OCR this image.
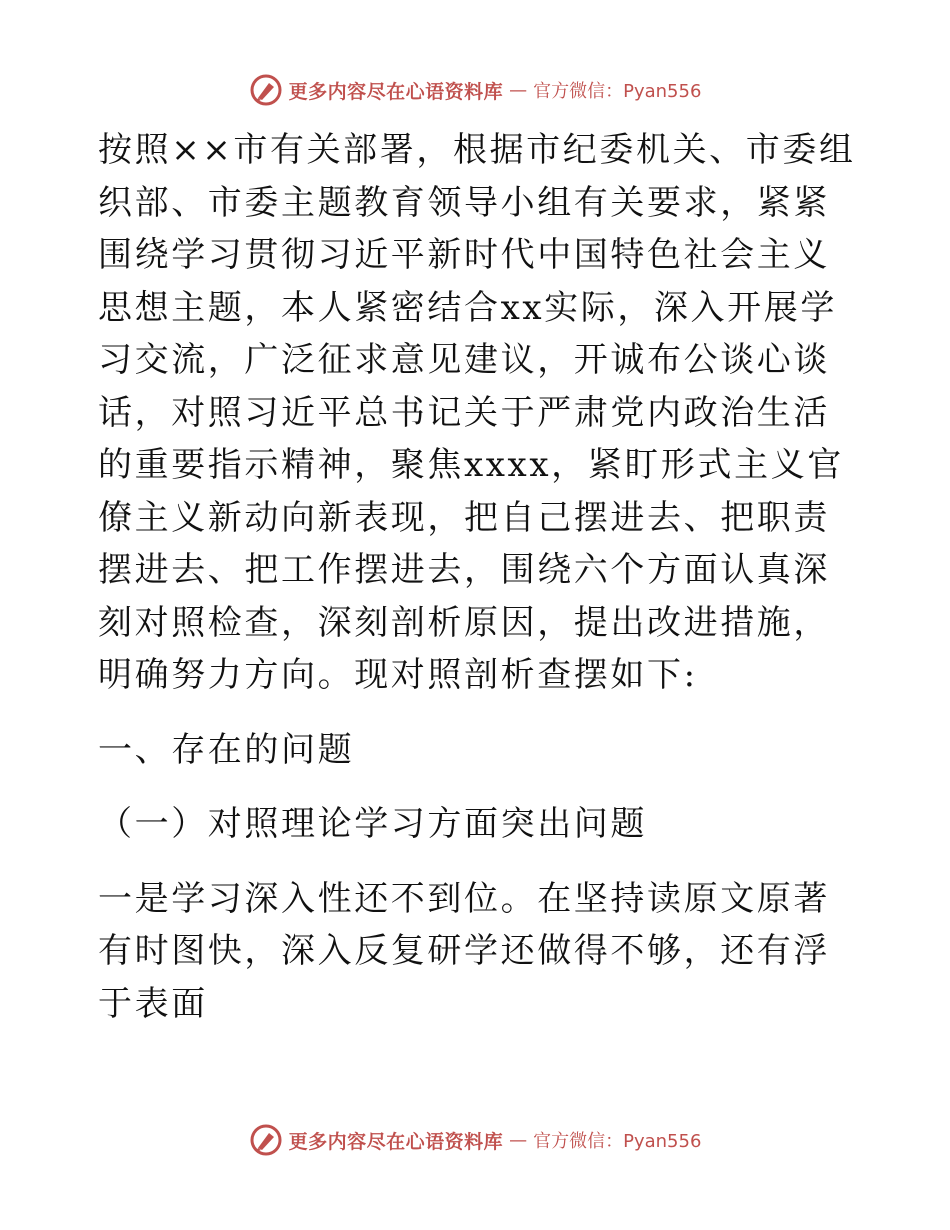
更多内容尽在心语资料库 — 官方微信：Pyan556

按照××市有关部署，根据市纪委机关、市委组织部、市委主题教育领导小组有关要求，紧紧围绕学习贯彻习近平新时代中国特色社会主义思想主题，本人紧密结合xx实际，深入开展学习交流，广泛征求意见建议，开诚布公谈心谈话，对照习近平总书记关于严肃党内政治生活的重要指示精神，聚焦xxxx，紧盯形式主义官僚主义新动向新表现，把自己摆进去、把职责摆进去、把工作摆进去，围绕六个方面认真深刻对照检查，深刻剖析原因，提出改进措施，明确努力方向。现对照剖析查摆如下:

一、存在的问题

（一）对照理论学习方面突出问题

一是学习深入性还不到位。在坚持读原文原著有时图快，深入反复研学还做得不够，还有浮于表面

更多内容尽在心语资料库 — 官方微信：Pyan556
